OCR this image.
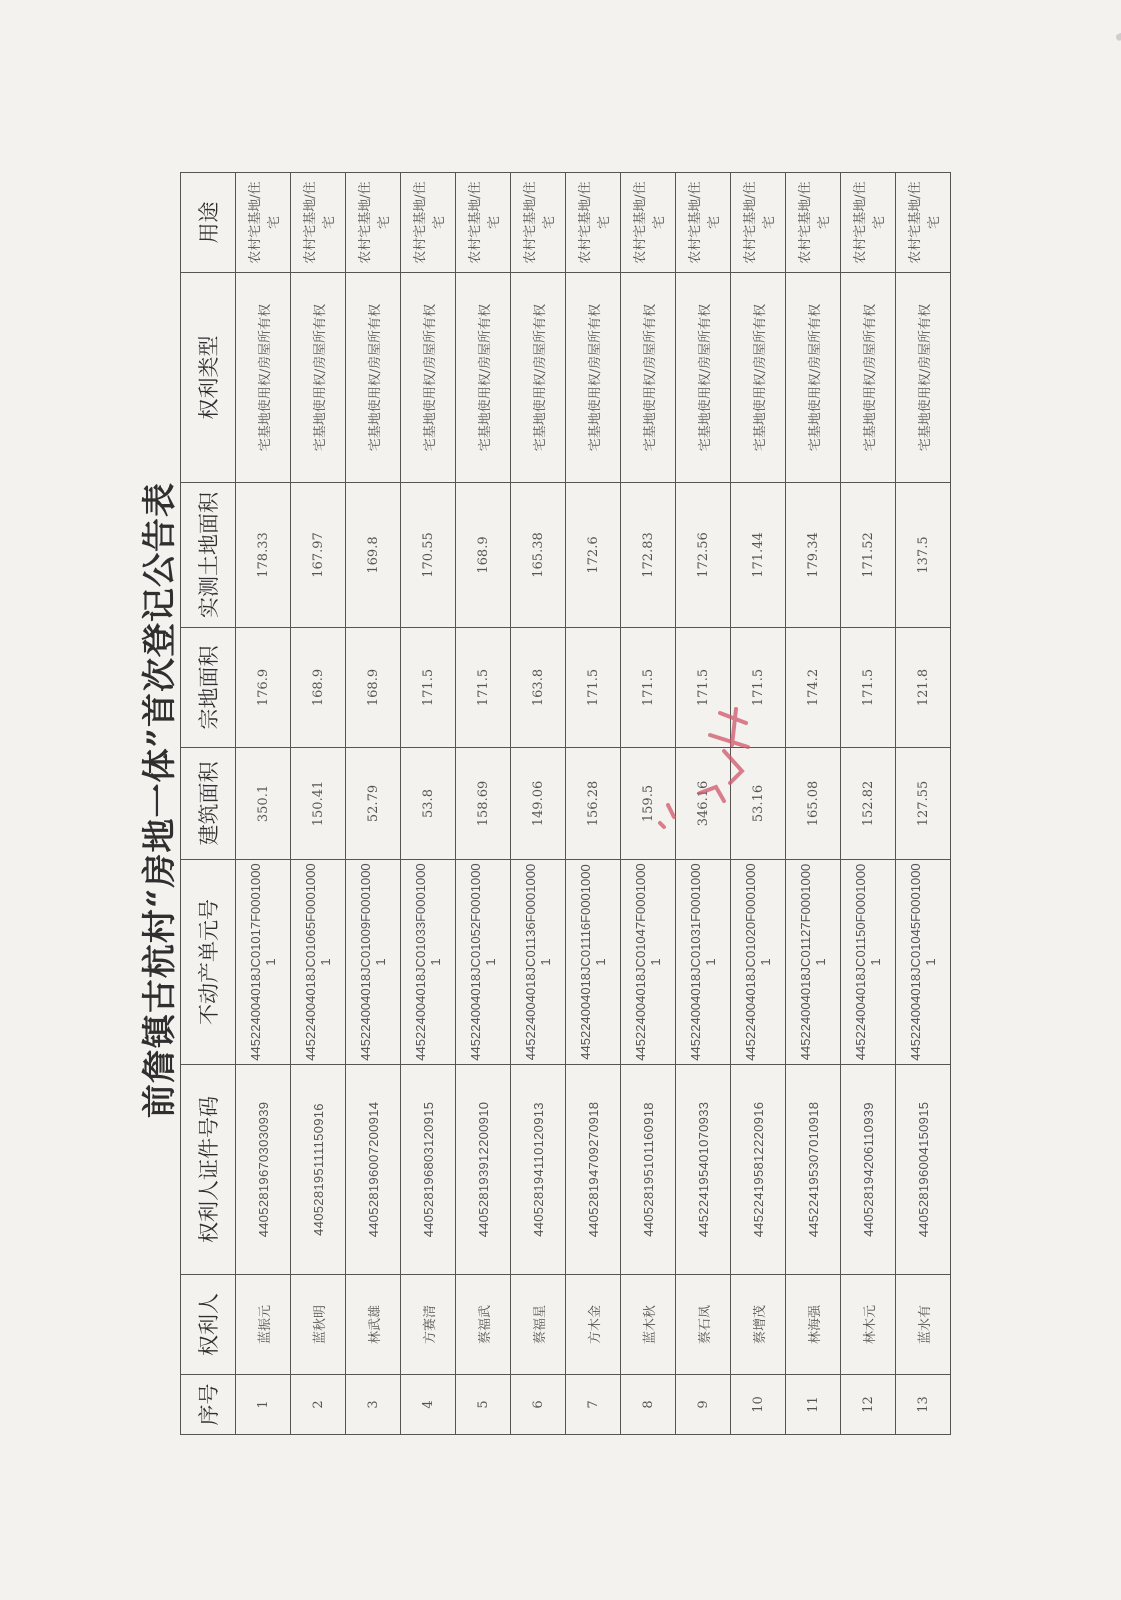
前詹镇古杭村“房地一体”首次登记公告表
序号	权利人	权利人证件号码	不动产单元号	建筑面积	宗地面积	实测土地面积	权利类型	用途
1	蓝振元	440528196703030939	445224004018JC01017F00010001	350.1	176.9	178.33	宅基地使用权/房屋所有权	农村宅基地/住宅
2	蓝秋明	440528195111150916	445224004018JC01065F00010001	150.41	168.9	167.97	宅基地使用权/房屋所有权	农村宅基地/住宅
3	林武雄	440528196007200914	445224004018JC01009F00010001	52.79	168.9	169.8	宅基地使用权/房屋所有权	农村宅基地/住宅
4	方赛清	440528196803120915	445224004018JC01033F00010001	53.8	171.5	170.55	宅基地使用权/房屋所有权	农村宅基地/住宅
5	蔡福武	440528193912200910	445224004018JC01052F00010001	158.69	171.5	168.9	宅基地使用权/房屋所有权	农村宅基地/住宅
6	蔡福星	440528194110120913	445224004018JC01136F00010001	149.06	163.8	165.38	宅基地使用权/房屋所有权	农村宅基地/住宅
7	方木金	440528194709270918	445224004018JC01116F00010001	156.28	171.5	172.6	宅基地使用权/房屋所有权	农村宅基地/住宅
8	蓝木秋	440528195101160918	445224004018JC01047F00010001	159.5	171.5	172.83	宅基地使用权/房屋所有权	农村宅基地/住宅
9	蔡石凤	445224195401070933	445224004018JC01031F00010001	346.16	171.5	172.56	宅基地使用权/房屋所有权	农村宅基地/住宅
10	蔡增茂	445224195812220916	445224004018JC01020F00010001	53.16	171.5	171.44	宅基地使用权/房屋所有权	农村宅基地/住宅
11	林海强	445224195307010918	445224004018JC01127F00010001	165.08	174.2	179.34	宅基地使用权/房屋所有权	农村宅基地/住宅
12	林木元	440528194206110939	445224004018JC01150F00010001	152.82	171.5	171.52	宅基地使用权/房屋所有权	农村宅基地/住宅
13	蓝水有	440528196004150915	445224004018JC01045F00010001	127.55	121.8	137.5	宅基地使用权/房屋所有权	农村宅基地/住宅
